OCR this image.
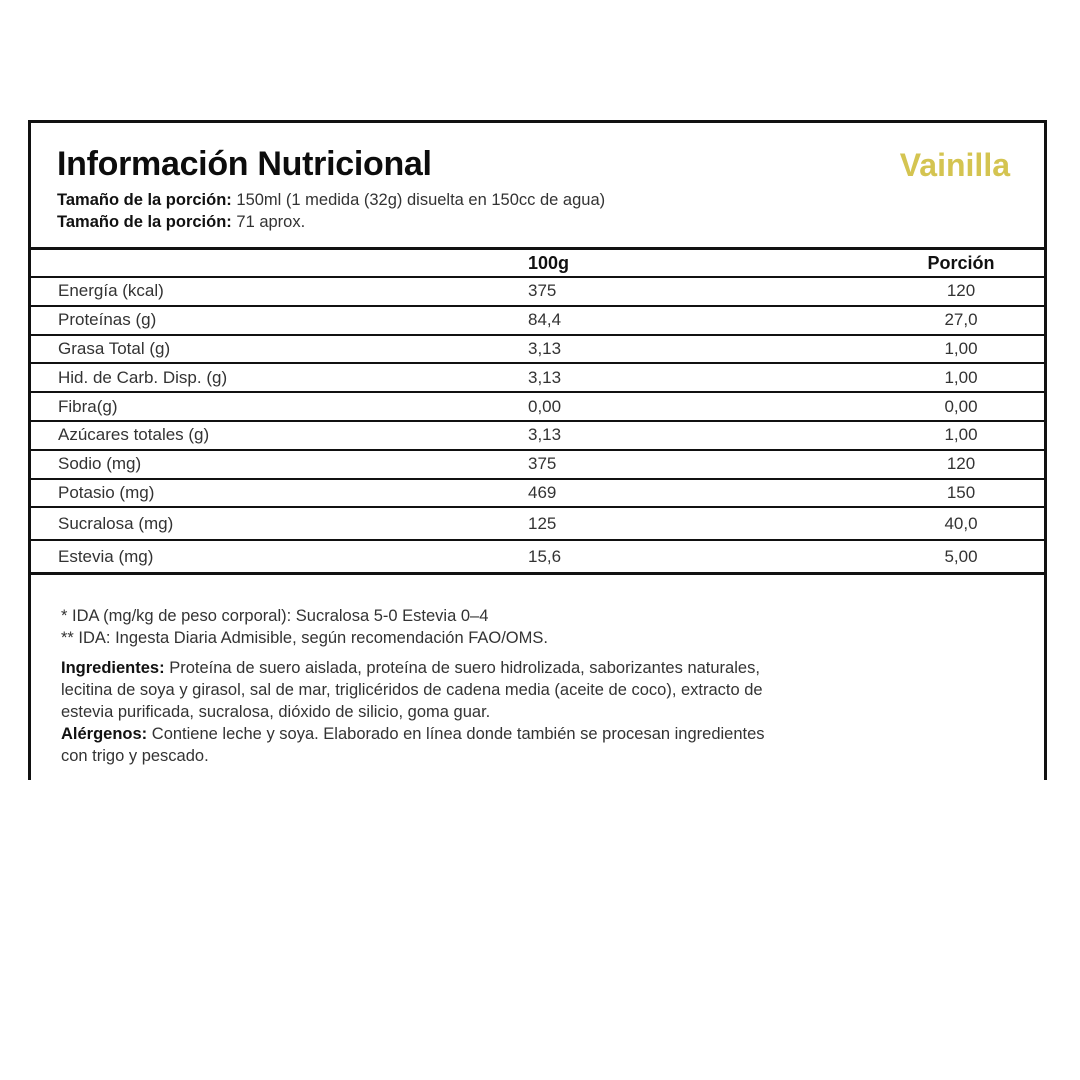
Información Nutricional	Vainilla
Tamaño de la porción: 150ml (1 medida (32g) disuelta en 150cc de agua)
Tamaño de la porción: 71 aprox.
	100g	Porción
Energía (kcal)	375	120
Proteínas (g)	84,4	27,0
Grasa Total (g)	3,13	1,00
Hid. de Carb. Disp. (g)	3,13	1,00
Fibra(g)	0,00	0,00
Azúcares totales (g)	3,13	1,00
Sodio (mg)	375	120
Potasio (mg)	469	150
Sucralosa (mg)	125	40,0
Estevia (mg)	15,6	5,00

* IDA (mg/kg de peso corporal): Sucralosa 5-0 Estevia 0–4

** IDA: Ingesta Diaria Admisible, según recomendación FAO/OMS.

Ingredientes: Proteína de suero aislada, proteína de suero hidrolizada, saborizantes naturales, lecitina de soya y girasol, sal de mar, triglicéridos de cadena media (aceite de coco), extracto de estevia purificada, sucralosa, dióxido de silicio, goma guar.

Alérgenos: Contiene leche y soya. Elaborado en línea donde también se procesan ingredientes con trigo y pescado.
